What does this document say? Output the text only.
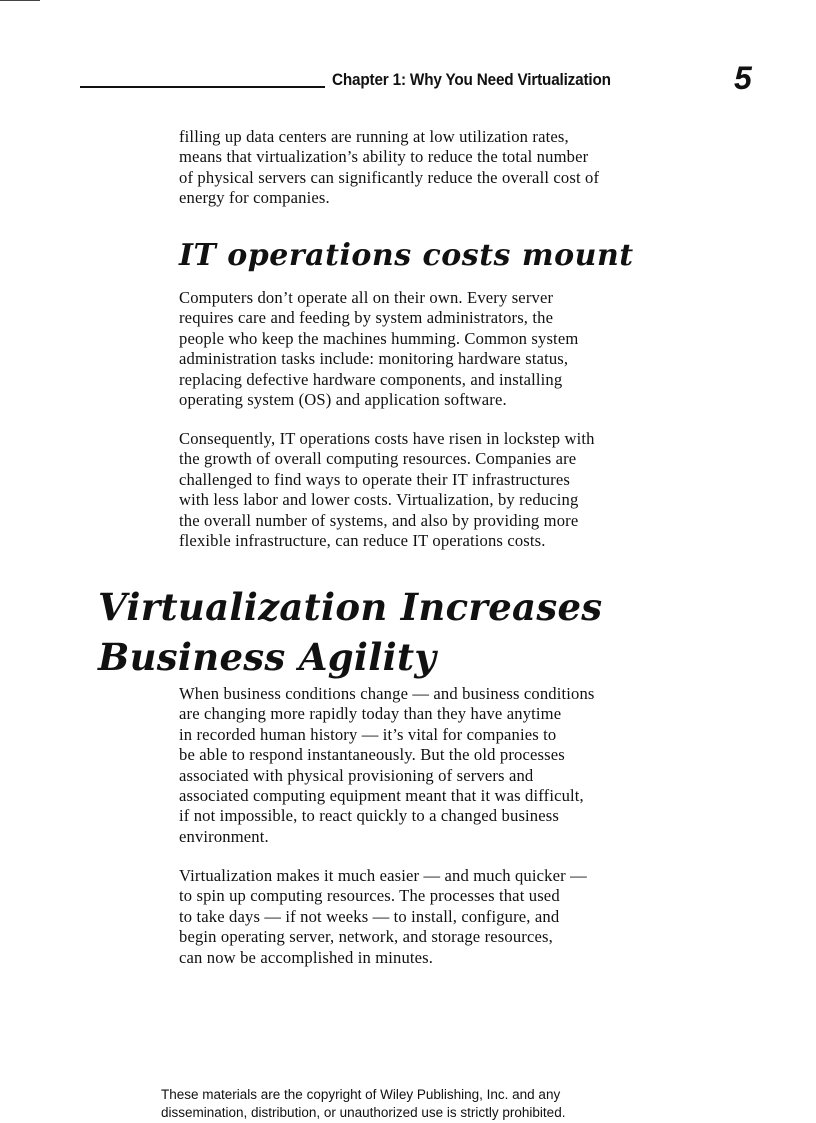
Chapter 1: Why You Need Virtualization	5

filling up data centers are running at low utilization rates,
means that virtualization’s ability to reduce the total number
of physical servers can significantly reduce the overall cost of
energy for companies.

IT operations costs mount

Computers don’t operate all on their own. Every server
requires care and feeding by system administrators, the
people who keep the machines humming. Common system
administration tasks include: monitoring hardware status,
replacing defective hardware components, and installing
operating system (OS) and application software.

Consequently, IT operations costs have risen in lockstep with
the growth of overall computing resources. Companies are
challenged to find ways to operate their IT infrastructures
with less labor and lower costs. Virtualization, by reducing
the overall number of systems, and also by providing more
flexible infrastructure, can reduce IT operations costs.

Virtualization Increases
Business Agility

When business conditions change — and business conditions
are changing more rapidly today than they have anytime
in recorded human history — it’s vital for companies to
be able to respond instantaneously. But the old processes
associated with physical provisioning of servers and
associated computing equipment meant that it was difficult,
if not impossible, to react quickly to a changed business
environment.

Virtualization makes it much easier — and much quicker —
to spin up computing resources. The processes that used
to take days — if not weeks — to install, configure, and
begin operating server, network, and storage resources,
can now be accomplished in minutes.

These materials are the copyright of Wiley Publishing, Inc. and any
dissemination, distribution, or unauthorized use is strictly prohibited.
